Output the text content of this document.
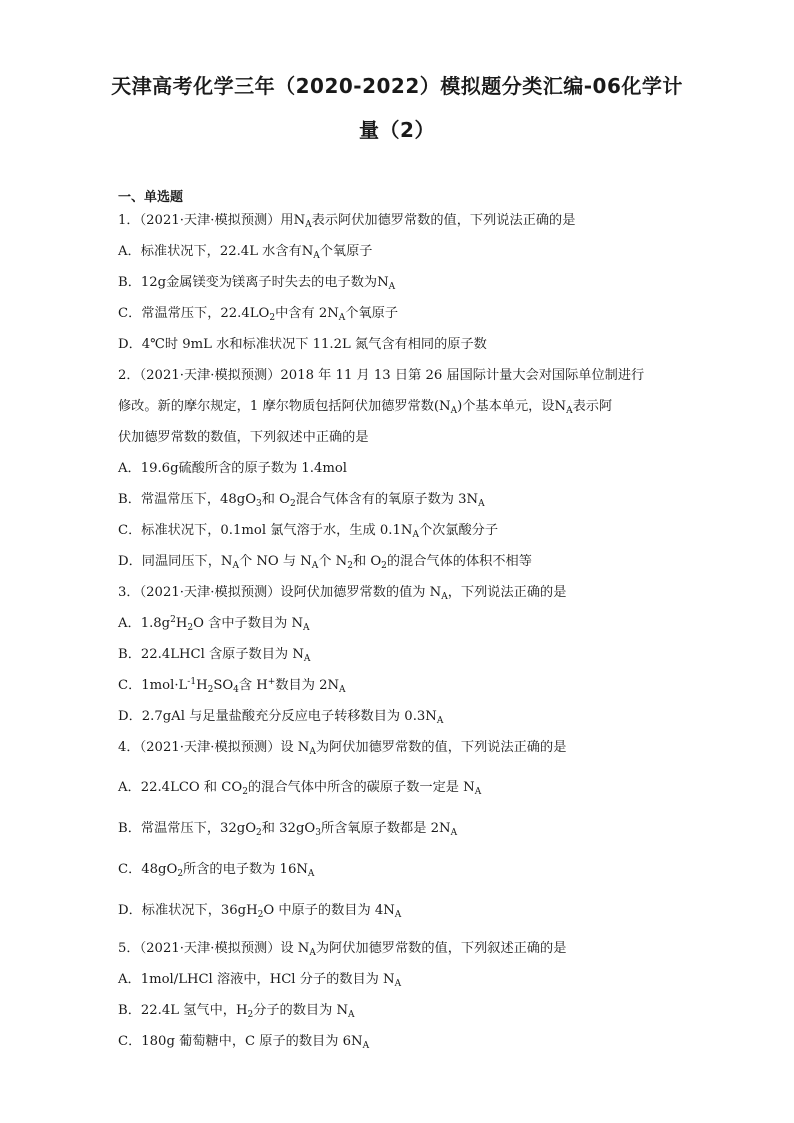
天津高考化学三年（2020-2022）模拟题分类汇编-06化学计
量（2）
一、单选题
1．（2021·天津·模拟预测）用$N_A$表示阿伏加德罗常数的值，下列说法正确的是
A．标准状况下，22.4L 水含有$N_A$个氧原子
B．12g金属镁变为镁离子时失去的电子数为$N_A$
C．常温常压下，$22.4LO_2$中含有 $2N_A$个氧原子
D．4℃时 9mL 水和标准状况下 11.2L 氮气含有相同的原子数
2．（2021·天津·模拟预测）2018 年 11 月 13 日第 26 届国际计量大会对国际单位制进行
修改。新的摩尔规定，1 摩尔物质包括阿伏加德罗常数$(N_A)$个基本单元，设$N_A$表示阿
伏加德罗常数的数值，下列叙述中正确的是
A．19.6g硫酸所含的原子数为 1.4mol
B．常温常压下，$48gO_3$和 $O_2$混合气体含有的氧原子数为 $3N_A$
C．标准状况下，0.1mol 氯气溶于水，生成 $0.1N_A$个次氯酸分子
D．同温同压下，$N_A$个 NO 与 $N_A$个 $N_2$和 $O_2$的混合气体的体积不相等
3．（2021·天津·模拟预测）设阿伏加德罗常数的值为 $N_A$，下列说法正确的是
A．$1.8g^2H_2O$ 含中子数目为 $N_A$
B．22.4LHCl 含原子数目为 $N_A$
C．$1mol\cdot L^{-1}H_2SO_4$含 H+数目为 $2N_A$
D．2.7gAl 与足量盐酸充分反应电子转移数目为 $0.3N_A$
4．（2021·天津·模拟预测）设 $N_A$为阿伏加德罗常数的值，下列说法正确的是
A．22.4LCO 和 $CO_2$的混合气体中所含的碳原子数一定是 $N_A$
B．常温常压下，$32gO_2$和 $32gO_3$所含氧原子数都是 $2N_A$
C．$48gO_2$所含的电子数为 $16N_A$
D．标准状况下，$36gH_2O$ 中原子的数目为 $4N_A$
5．（2021·天津·模拟预测）设 $N_A$为阿伏加德罗常数的值，下列叙述正确的是
A．1mol/LHCl 溶液中，HCl 分子的数目为 $N_A$
B．22.4L 氢气中，$H_2$分子的数目为 $N_A$
C．180g 葡萄糖中，C 原子的数目为 $6N_A$
